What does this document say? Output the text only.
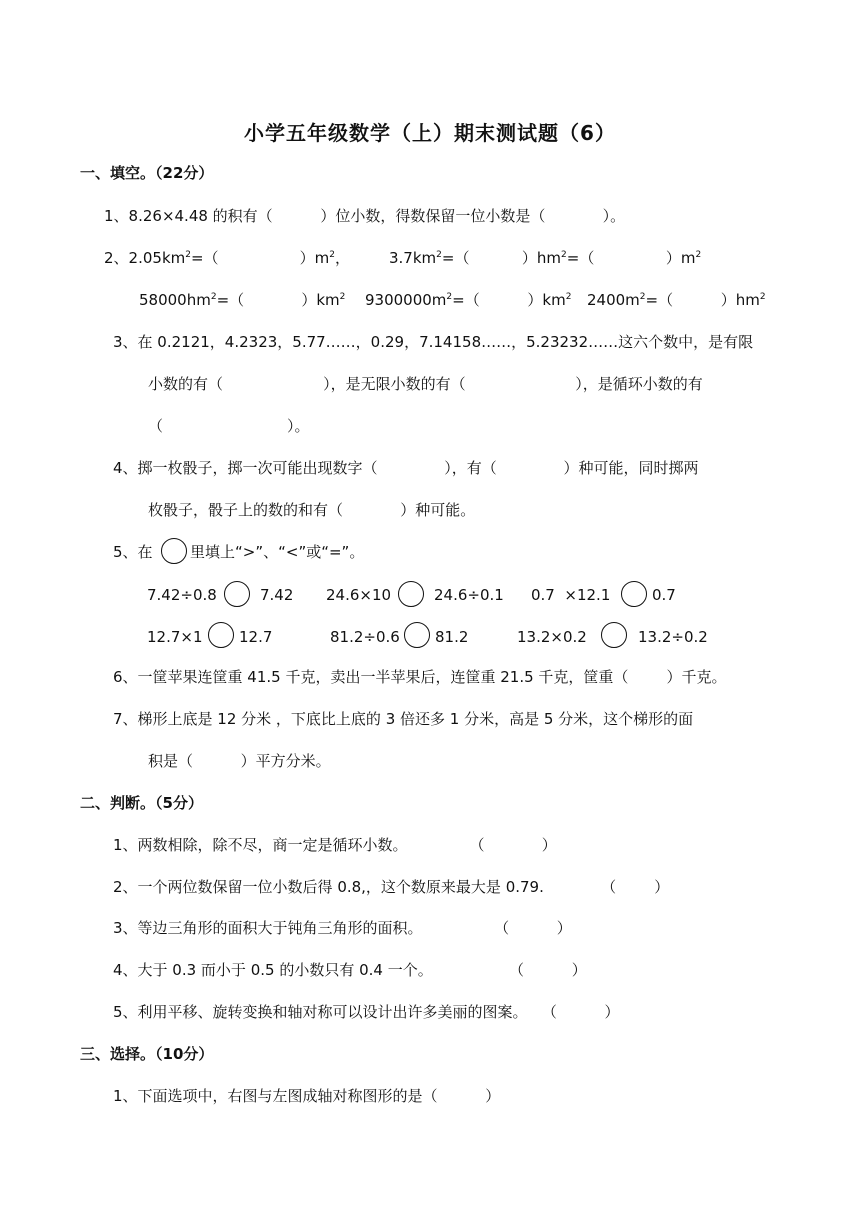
小学五年级数学（上）期末测试题（6）
一、填空。（22分）
1、8.26×4.48 的积有（          ）位小数，得数保留一位小数是（            ）。
2、$2.05km^2=$（                 ）$m^2$，	$3.7km^2=$（           ）$hm^2=$（               ）$m^2$
$58000hm^2=$（            ）$km^2$ $9300000m^2=$（          ）$km^2$ $2400m^2=$（          ）$hm^2$
3、在 0.2121，4.2323，5.77……，0.29，7.14158……，5.23232……这六个数中，是有限
小数的有（                     ），是无限小数的有（                       ），是循环小数的有
（                          ）。
4、掷一枚骰子，掷一次可能出现数字（              ），有（              ）种可能，同时掷两
枚骰子，骰子上的数的和有（            ）种可能。
5、在 里填上“>”、“<”或“=”。
7.42÷0.8	7.42 24.6×10	24.6÷0.1 0.7  ×12.1	0.7
12.7×1 12.7	81.2÷0.6 81.2	13.2×0.2	13.2÷0.2
6、一筐苹果连筐重 41.5 千克，卖出一半苹果后，连筐重 21.5 千克，筐重（        ）千克。
7、梯形上底是 12 分米 ，下底比上底的 3 倍还多 1 分米，高是 5 分米，这个梯形的面
积是（          ）平方分米。
二、判断。（5分）
1、两数相除，除不尽，商一定是循环小数。             （            ）
2、一个两位数保留一位小数后得 0.8,，这个数原来最大是 0.79.            （        ）
3、等边三角形的面积大于钝角三角形的面积。               （          ）
4、大于 0.3 而小于 0.5 的小数只有 0.4 一个。                （          ）
5、利用平移、旋转变换和轴对称可以设计出许多美丽的图案。   （          ）
三、选择。（10分）
1、下面选项中，右图与左图成轴对称图形的是（          ）
